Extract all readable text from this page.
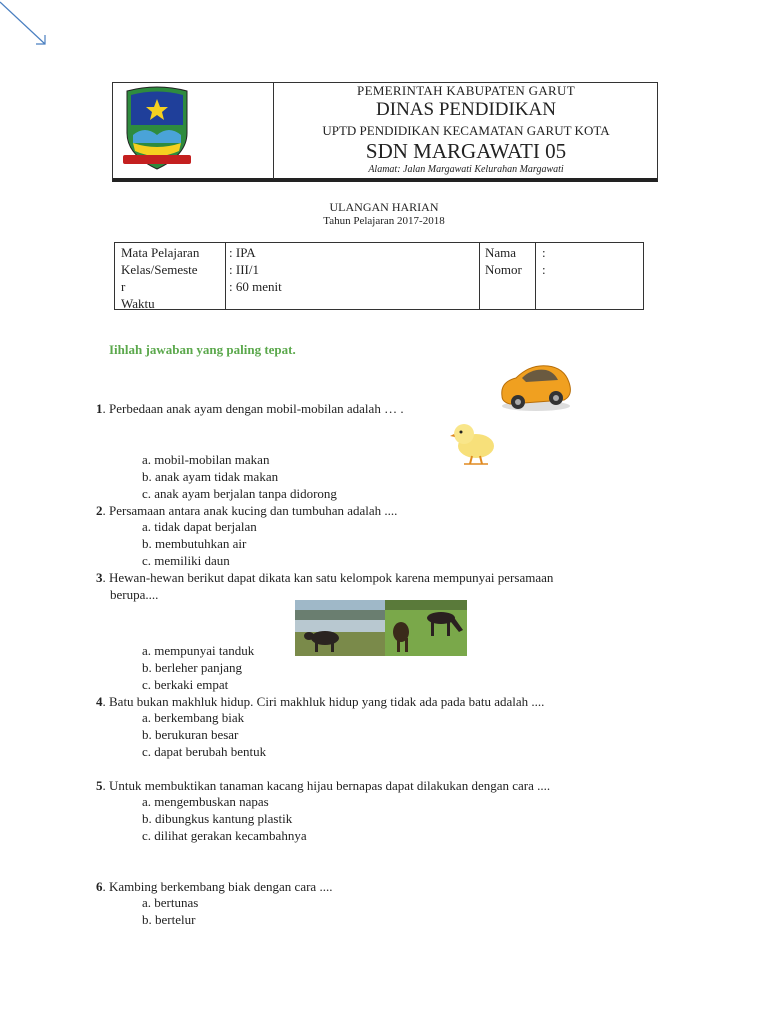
PEMERINTAH KABUPATEN GARUT
DINAS PENDIDIKAN
UPTD PENDIDIKAN KECAMATAN GARUT KOTA
SDN MARGAWATI 05
Alamat: Jalan Margawati Kelurahan Margawati
ULANGAN HARIAN
Tahun Pelajaran 2017-2018
Mata Pelajaran
Kelas/Semeste
r
Waktu
: IPA
: III/1
: 60 menit
Nama
Nomor
:
:
Iihlah jawaban yang paling tepat.
1. Perbedaan anak ayam dengan mobil-mobilan adalah … .
a. mobil-mobilan makan
b. anak ayam tidak makan
c. anak ayam berjalan tanpa didorong
2. Persamaan antara anak kucing dan tumbuhan adalah ....
a. tidak dapat berjalan
b. membutuhkan air
c. memiliki daun
3. Hewan-hewan berikut dapat dikata kan satu kelompok karena mempunyai persamaan
berupa....
a. mempunyai tanduk
b. berleher panjang
c. berkaki empat
4. Batu bukan makhluk hidup. Ciri makhluk hidup yang tidak ada pada batu adalah ....
a. berkembang biak
b. berukuran besar
c. dapat berubah bentuk
5. Untuk membuktikan tanaman kacang hijau bernapas dapat dilakukan dengan cara ....
a. mengembuskan napas
b. dibungkus kantung plastik
c. dilihat gerakan kecambahnya
6. Kambing berkembang biak dengan cara ....
a. bertunas
b. bertelur
